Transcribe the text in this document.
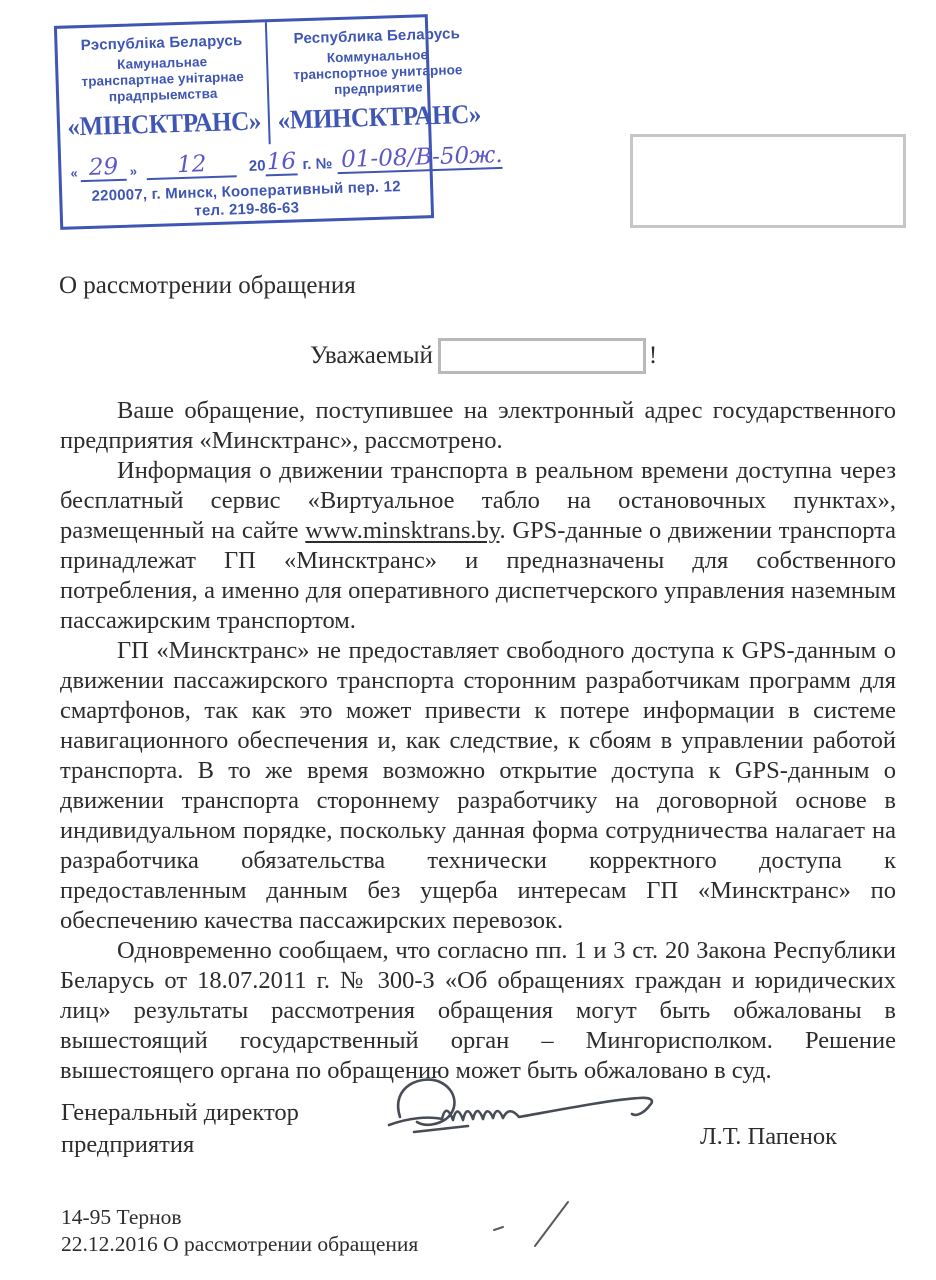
Рэспубліка Беларусь
Камунальнае
транспартнае унітарнае
прадпрыемства
«МІНСКТРАНС»
Республика Беларусь
Коммунальное
транспортное унитарное
предприятие
«МИНСКТРАНС»
« 29 »	12	20 16 г. № 01-08/В-50ж.
220007, г. Минск, Кооперативный пер. 12
тел. 219-86-63
О рассмотрении обращения
Уважаемый	!

Ваше обращение, поступившее на электронный адрес государственного предприятия «Минсктранс», рассмотрено.

Информация о движении транспорта в реальном времени доступна через бесплатный сервис «Виртуальное табло на остановочных пунктах», размещенный на сайте www.minsktrans.by. GPS-данные о движении транспорта принадлежат ГП «Минсктранс» и предназначены для собственного потребления, а именно для оперативного диспетчерского управления наземным пассажирским транспортом.

ГП «Минсктранс» не предоставляет свободного доступа к GPS-данным о движении пассажирского транспорта сторонним разработчикам программ для смартфонов, так как это может привести к потере информации в системе навигационного обеспечения и, как следствие, к сбоям в управлении работой транспорта. В то же время возможно открытие доступа к GPS-данным о движении транспорта стороннему разработчику на договорной основе в индивидуальном порядке, поскольку данная форма сотрудничества налагает на разработчика обязательства технически корректного доступа к предоставленным данным без ущерба интересам ГП «Минсктранс» по обеспечению качества пассажирских перевозок.

Одновременно сообщаем, что согласно пп. 1 и 3 ст. 20 Закона Республики Беларусь от 18.07.2011 г. № 300-З «Об обращениях граждан и юридических лиц» результаты рассмотрения обращения могут быть обжалованы в вышестоящий государственный орган – Мингорисполком. Решение вышестоящего органа по обращению может быть обжаловано в суд.

Генеральный директор
предприятия	Л.Т. Папенок
14-95 Тернов
22.12.2016 О рассмотрении обращения
